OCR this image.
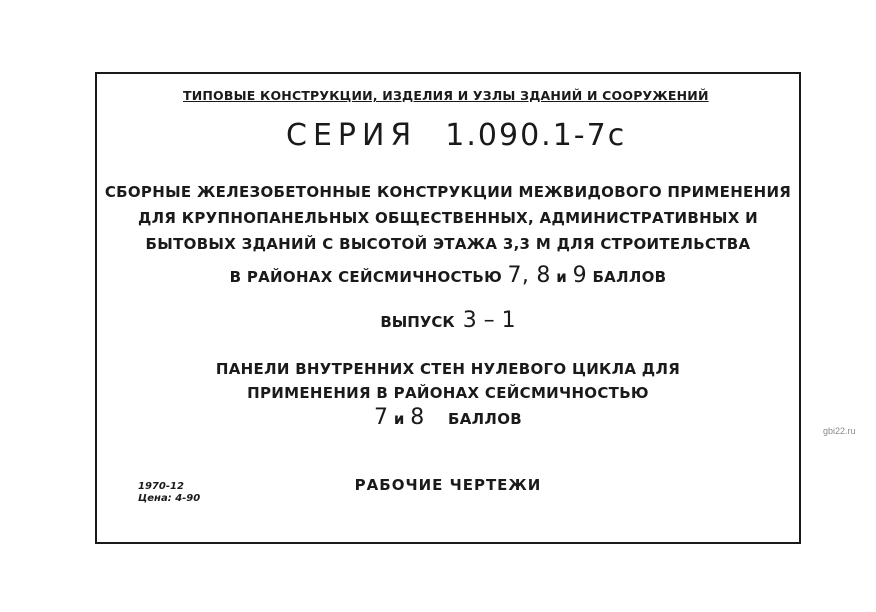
ТИПОВЫЕ КОНСТРУКЦИИ, ИЗДЕЛИЯ И УЗЛЫ ЗДАНИЙ И СООРУЖЕНИЙ
СЕРИЯ 1.090.1-7с
СБОРНЫЕ ЖЕЛЕЗОБЕТОННЫЕ КОНСТРУКЦИИ МЕЖВИДОВОГО ПРИМЕНЕНИЯ
ДЛЯ КРУПНОПАНЕЛЬНЫХ ОБЩЕСТВЕННЫХ, АДМИНИСТРАТИВНЫХ И
БЫТОВЫХ ЗДАНИЙ С ВЫСОТОЙ ЭТАЖА 3,3 М ДЛЯ СТРОИТЕЛЬСТВА
В РАЙОНАХ СЕЙСМИЧНОСТЬЮ 7, 8 и 9 БАЛЛОВ
ВЫПУСК 3 – 1
ПАНЕЛИ ВНУТРЕННИХ СТЕН НУЛЕВОГО ЦИКЛА ДЛЯ
ПРИМЕНЕНИЯ В РАЙОНАХ СЕЙСМИЧНОСТЬЮ
7 и 8 БАЛЛОВ
РАБОЧИЕ ЧЕРТЕЖИ
1970-12
Цена: 4-90
gbi22.ru
